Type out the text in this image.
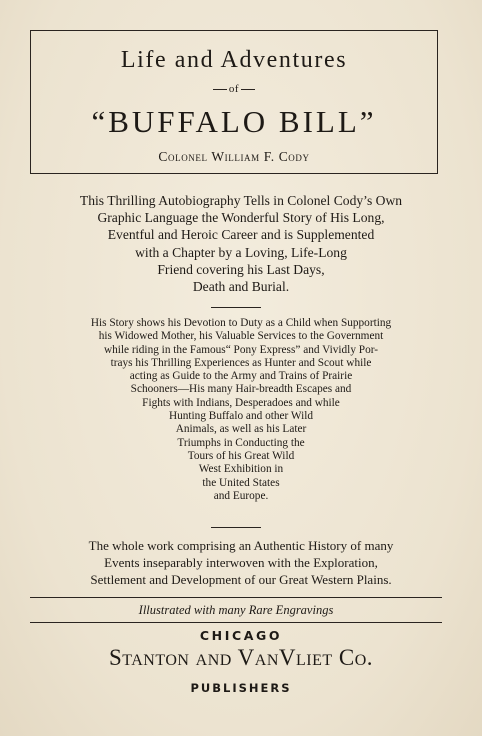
Life and Adventures
of
“BUFFALO BILL”
Colonel William F. Cody
This Thrilling Autobiography Tells in Colonel Cody’s Own
Graphic Language the Wonderful Story of His Long,
Eventful and Heroic Career and is Supplemented
with a Chapter by a Loving, Life-Long
Friend covering his Last Days,
Death and Burial.
His Story shows his Devotion to Duty as a Child when Supporting
his Widowed Mother, his Valuable Services to the Government
while riding in the Famous“ Pony Express” and Vividly Por-
trays his Thrilling Experiences as Hunter and Scout while
acting as Guide to the Army and Trains of Prairie
Schooners—His many Hair-breadth Escapes and
Fights with Indians, Desperadoes and while
Hunting Buffalo and other Wild
Animals, as well as his Later
Triumphs in Conducting the
Tours of his Great Wild
West Exhibition in
the United States
and Europe.
The whole work comprising an Authentic History of many
Events inseparably interwoven with the Exploration,
Settlement and Development of our Great Western Plains.
Illustrated with many Rare Engravings
CHICAGO
Stanton and VanVliet Co.
PUBLISHERS
